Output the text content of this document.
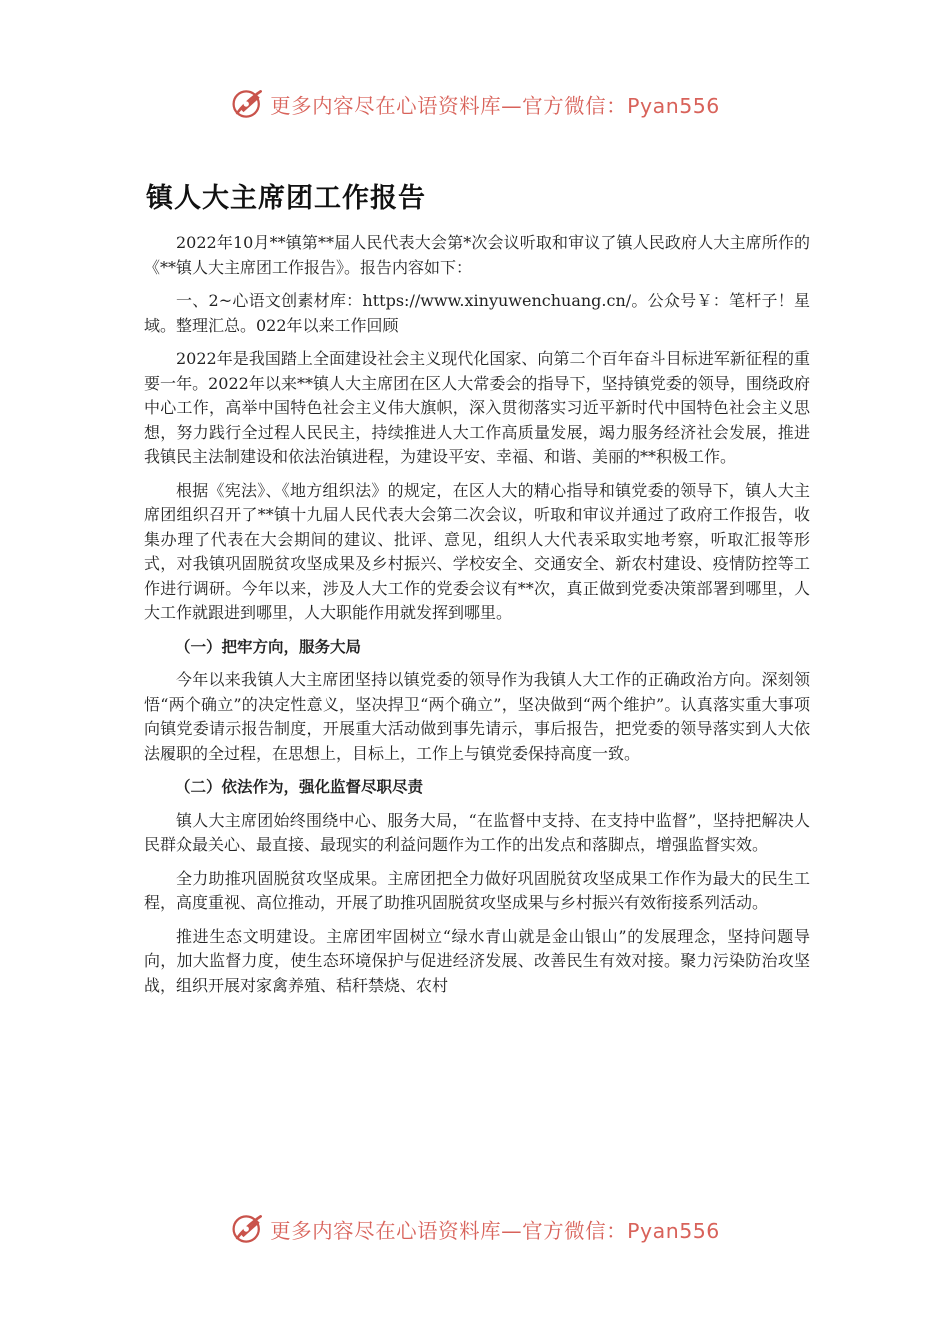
更多内容尽在心语资料库—官方微信：Pyan556
镇人大主席团工作报告

2022年10月**镇第**届人民代表大会第*次会议听取和审议了镇人民政府人大主席所作的《**镇人大主席团工作报告》。报告内容如下：

一、2~心语文创素材库：https://www.xinyuwenchuang.cn/。公众号￥：笔杆子！星域。整理汇总。022年以来工作回顾

2022年是我国踏上全面建设社会主义现代化国家、向第二个百年奋斗目标进军新征程的重要一年。2022年以来**镇人大主席团在区人大常委会的指导下，坚持镇党委的领导，围绕政府中心工作，高举中国特色社会主义伟大旗帜，深入贯彻落实习近平新时代中国特色社会主义思想，努力践行全过程人民民主，持续推进人大工作高质量发展，竭力服务经济社会发展，推进我镇民主法制建设和依法治镇进程，为建设平安、幸福、和谐、美丽的**积极工作。

根据《宪法》、《地方组织法》的规定，在区人大的精心指导和镇党委的领导下，镇人大主席团组织召开了**镇十九届人民代表大会第二次会议，听取和审议并通过了政府工作报告，收集办理了代表在大会期间的建议、批评、意见，组织人大代表采取实地考察，听取汇报等形式，对我镇巩固脱贫攻坚成果及乡村振兴、学校安全、交通安全、新农村建设、疫情防控等工作进行调研。今年以来，涉及人大工作的党委会议有**次，真正做到党委决策部署到哪里，人大工作就跟进到哪里，人大职能作用就发挥到哪里。

（一）把牢方向，服务大局

今年以来我镇人大主席团坚持以镇党委的领导作为我镇人大工作的正确政治方向。深刻领悟“两个确立”的决定性意义，坚决捍卫“两个确立”，坚决做到“两个维护”。认真落实重大事项向镇党委请示报告制度，开展重大活动做到事先请示，事后报告，把党委的领导落实到人大依法履职的全过程，在思想上，目标上，工作上与镇党委保持高度一致。

（二）依法作为，强化监督尽职尽责

镇人大主席团始终围绕中心、服务大局，“在监督中支持、在支持中监督”，坚持把解决人民群众最关心、最直接、最现实的利益问题作为工作的出发点和落脚点，增强监督实效。

全力助推巩固脱贫攻坚成果。主席团把全力做好巩固脱贫攻坚成果工作作为最大的民生工程，高度重视、高位推动，开展了助推巩固脱贫攻坚成果与乡村振兴有效衔接系列活动。

推进生态文明建设。主席团牢固树立“绿水青山就是金山银山”的发展理念，坚持问题导向，加大监督力度，使生态环境保护与促进经济发展、改善民生有效对接。聚力污染防治攻坚战，组织开展对家禽养殖、秸秆禁烧、农村

更多内容尽在心语资料库—官方微信：Pyan556
